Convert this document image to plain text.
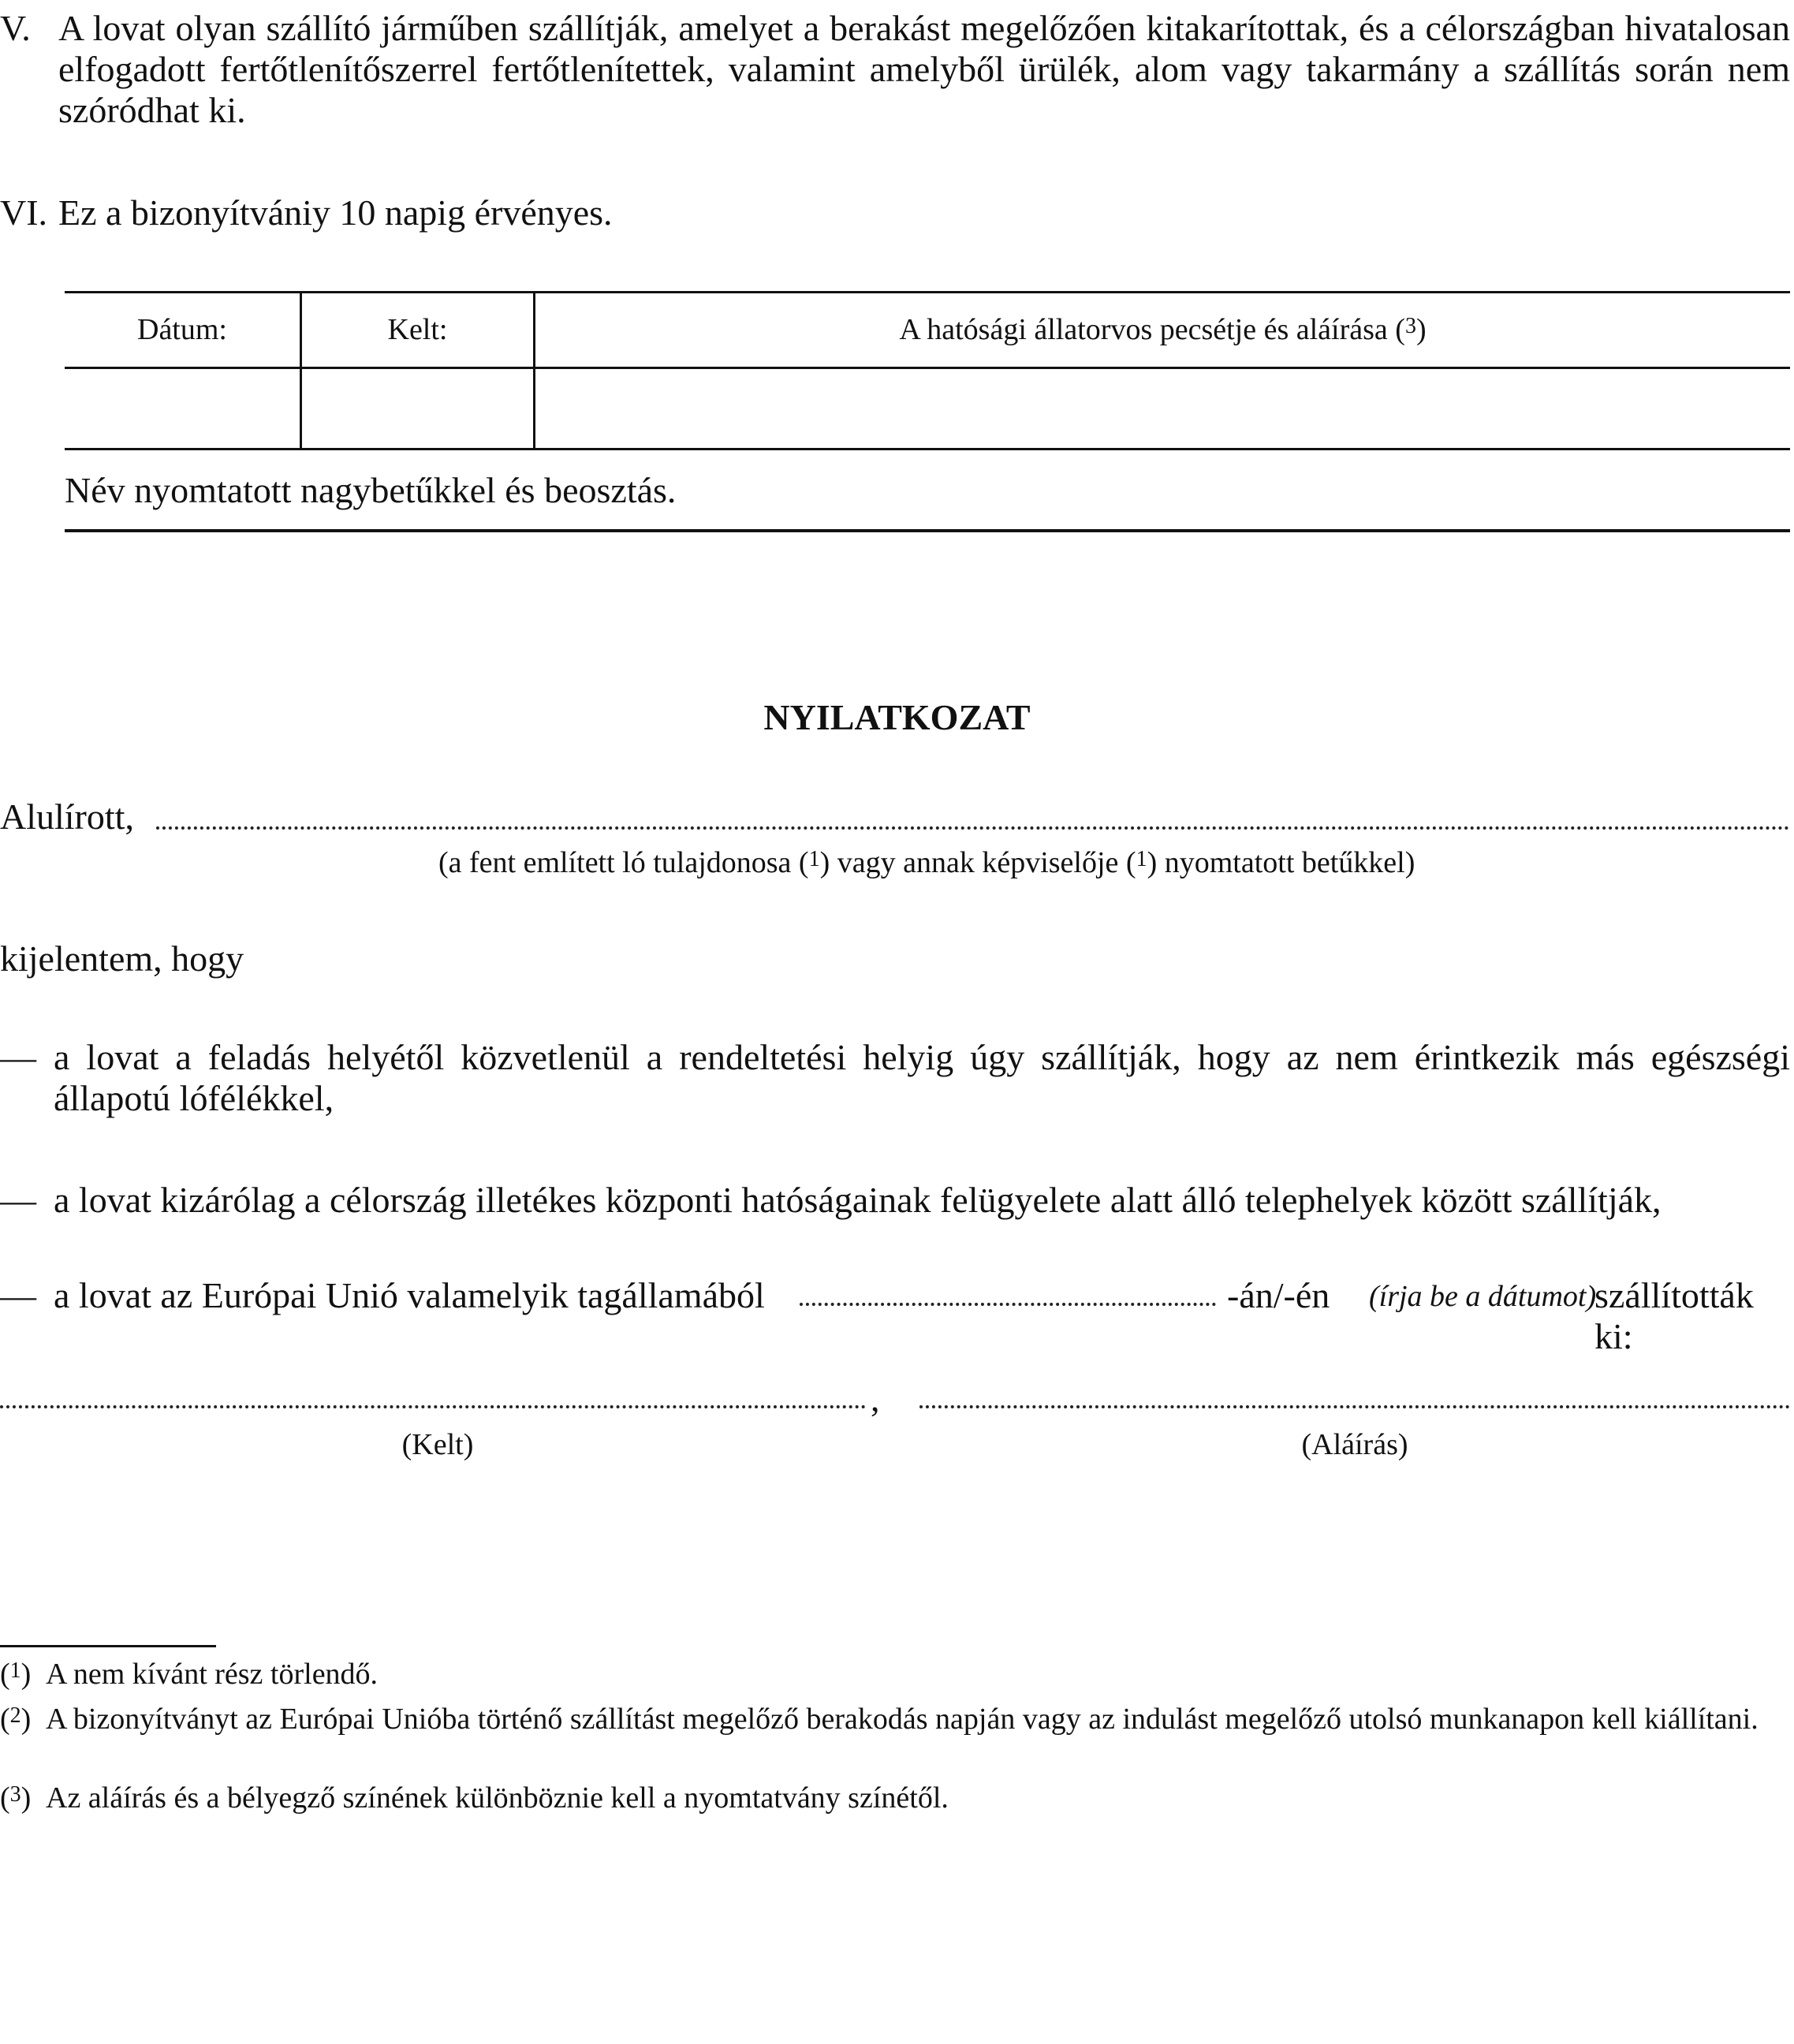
V. A lovat olyan szállító járműben szállítják, amelyet a berakást megelőzően kitakarítottak, és a célországban hivatalosan elfogadott fertőtlenítőszerrel fertőtlenítettek, valamint amelyből ürülék, alom vagy takarmány a szállítás során nem szóródhat ki.
VI. Ez a bizonyítvániy 10 napig érvényes.
Dátum:	Kelt:	A hatósági állatorvos pecsétje és aláírása ($^3$)
Név nyomtatott nagybetűkkel és beosztás.
NYILATKOZAT
Alulírott,
(a fent említett ló tulajdonosa ($^1$) vagy annak képviselője ($^1$) nyomtatott betűkkel)
kijelentem, hogy
— a lovat a feladás helyétől közvetlenül a rendeltetési helyig úgy szállítják, hogy az nem érintkezik más egészségi állapotú lófélékkel,
— a lovat kizárólag a célország illetékes központi hatóságainak felügyelete alatt álló telephelyek között szállítják,
— a lovat az Európai Unió valamelyik tagállamából	-án/-én (írja be a dátumot)
szállították ki:
,
(Kelt)	(Aláírás)
($^1$) A nem kívánt rész törlendő.
($^2$) A bizonyítványt az Európai Unióba történő szállítást megelőző berakodás napján vagy az indulást megelőző utolsó munkanapon kell kiállítani.
($^3$) Az aláírás és a bélyegző színének különböznie kell a nyomtatvány színétől.
